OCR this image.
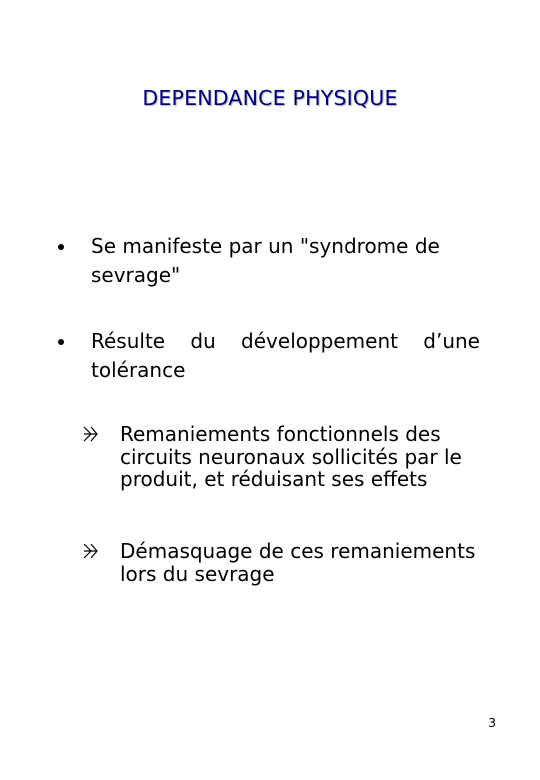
DEPENDANCE PHYSIQUE
Se manifeste par un "syndrome de
sevrage"
Résulte du développement d’une
tolérance
Remaniements fonctionnels des
circuits neuronaux sollicités par le
produit, et réduisant ses effets
Démasquage de ces remaniements
lors du sevrage
3
